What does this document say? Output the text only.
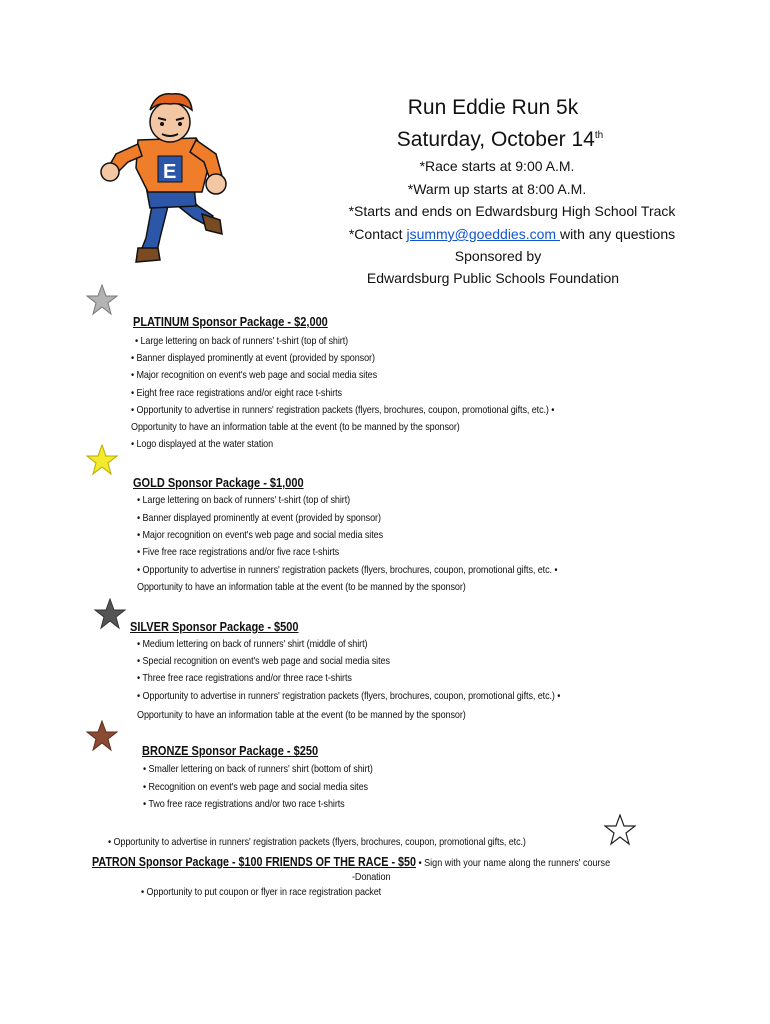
E
Run Eddie Run 5k
Saturday, October 14th
*Race starts at 9:00 A.M.
*Warm up starts at 8:00 A.M.
*Starts and ends on Edwardsburg High School Track
*Contact jsummy@goeddies.com with any questions
Sponsored by
Edwardsburg Public Schools Foundation
PLATINUM Sponsor Package - $2,000
• Large lettering on back of runners' t-shirt (top of shirt)
• Banner displayed prominently at event (provided by sponsor)
• Major recognition on event's web page and social media sites
• Eight free race registrations and/or eight race t-shirts
• Opportunity to advertise in runners' registration packets (flyers, brochures, coupon, promotional gifts, etc.) •
Opportunity to have an information table at the event (to be manned by the sponsor)
• Logo displayed at the water station
GOLD Sponsor Package - $1,000
• Large lettering on back of runners' t-shirt (top of shirt)
• Banner displayed prominently at event (provided by sponsor)
• Major recognition on event's web page and social media sites
• Five free race registrations and/or five race t-shirts
• Opportunity to advertise in runners' registration packets (flyers, brochures, coupon, promotional gifts, etc. •
Opportunity to have an information table at the event (to be manned by the sponsor)
SILVER Sponsor Package - $500
• Medium lettering on back of runners' shirt (middle of shirt)
• Special recognition on event's web page and social media sites
• Three free race registrations and/or three race t-shirts
• Opportunity to advertise in runners' registration packets (flyers, brochures, coupon, promotional gifts, etc.) •
Opportunity to have an information table at the event (to be manned by the sponsor)
BRONZE Sponsor Package - $250
• Smaller lettering on back of runners' shirt (bottom of shirt)
• Recognition on event's web page and social media sites
• Two free race registrations and/or two race t-shirts
• Opportunity to advertise in runners' registration packets (flyers, brochures, coupon, promotional gifts, etc.)
PATRON Sponsor Package - $100 FRIENDS OF THE RACE - $50 • Sign with your name along the runners' course
-Donation
• Opportunity to put coupon or flyer in race registration packet
